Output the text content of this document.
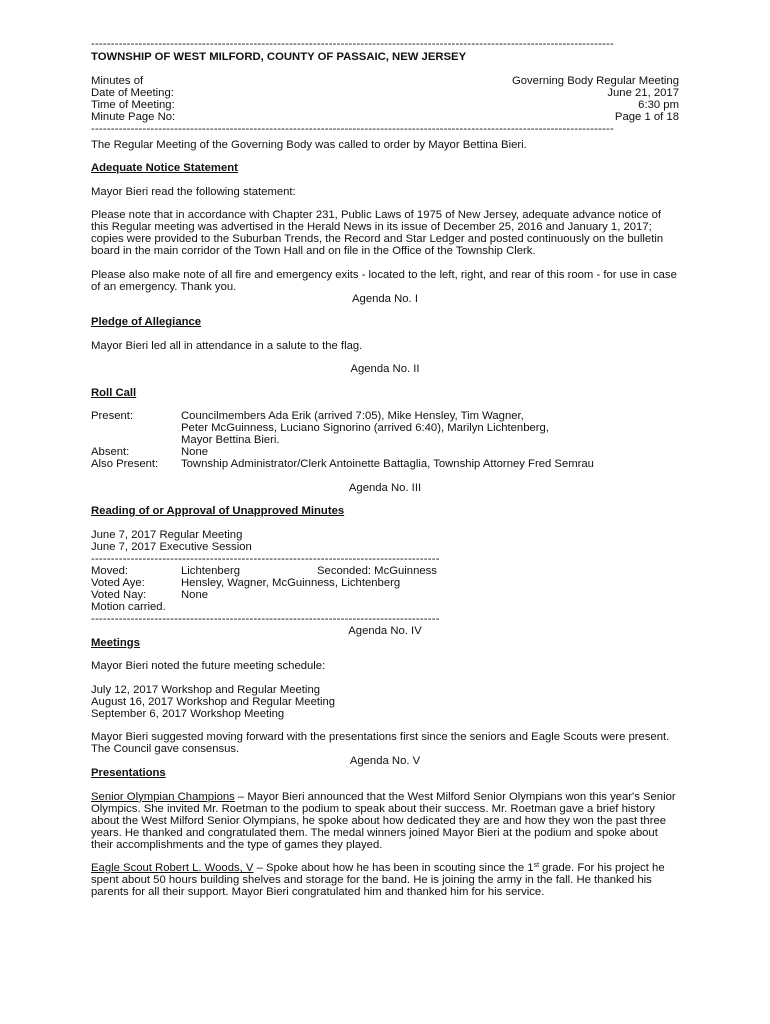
------------------------------------------------------------------------------------------------------------------------------------
TOWNSHIP OF WEST MILFORD, COUNTY OF PASSAIC, NEW JERSEY
Minutes of	Governing Body Regular Meeting
Date of Meeting:	June 21, 2017
Time of Meeting:	6:30 pm
Minute Page No:	Page 1 of 18
------------------------------------------------------------------------------------------------------------------------------------
The Regular Meeting of the Governing Body was called to order by Mayor Bettina Bieri.
Adequate Notice Statement
Mayor Bieri read the following statement:
Please note that in accordance with Chapter 231, Public Laws of 1975 of New Jersey, adequate advance notice of this Regular meeting was advertised in the Herald News in its issue of December 25, 2016 and January 1, 2017; copies were provided to the Suburban Trends, the Record and Star Ledger and posted continuously on the bulletin board in the main corridor of the Town Hall and on file in the Office of the Township Clerk.
Please also make note of all fire and emergency exits - located to the left, right, and rear of this room - for use in case of an emergency. Thank you.
Agenda No. I
Pledge of Allegiance
Mayor Bieri led all in attendance in a salute to the flag.
Agenda No. II
Roll Call
Present:	Councilmembers Ada Erik (arrived 7:05), Mike Hensley, Tim Wagner,
Peter McGuinness, Luciano Signorino (arrived 6:40), Marilyn Lichtenberg,
Mayor Bettina Bieri.
Absent:	None
Also Present:	Township Administrator/Clerk Antoinette Battaglia, Township Attorney Fred Semrau
Agenda No. III
Reading of or Approval of Unapproved Minutes
June 7, 2017 Regular Meeting
June 7, 2017 Executive Session
----------------------------------------------------------------------------------------
Moved:	Lichtenberg	Seconded: McGuinness
Voted Aye:	Hensley, Wagner, McGuinness, Lichtenberg
Voted Nay:	None
Motion carried.
----------------------------------------------------------------------------------------
Agenda No. IV
Meetings
Mayor Bieri noted the future meeting schedule:
July 12, 2017 Workshop and Regular Meeting
August 16, 2017 Workshop and Regular Meeting
September 6, 2017 Workshop Meeting
Mayor Bieri suggested moving forward with the presentations first since the seniors and Eagle Scouts were present. The Council gave consensus.
Agenda No. V
Presentations
Senior Olympian Champions – Mayor Bieri announced that the West Milford Senior Olympians won this year's Senior Olympics. She invited Mr. Roetman to the podium to speak about their success. Mr. Roetman gave a brief history about the West Milford Senior Olympians, he spoke about how dedicated they are and how they won the past three years. He thanked and congratulated them. The medal winners joined Mayor Bieri at the podium and spoke about their accomplishments and the type of games they played.
Eagle Scout Robert L. Woods, V – Spoke about how he has been in scouting since the 1st grade. For his project he spent about 50 hours building shelves and storage for the band. He is joining the army in the fall. He thanked his parents for all their support. Mayor Bieri congratulated him and thanked him for his service.
